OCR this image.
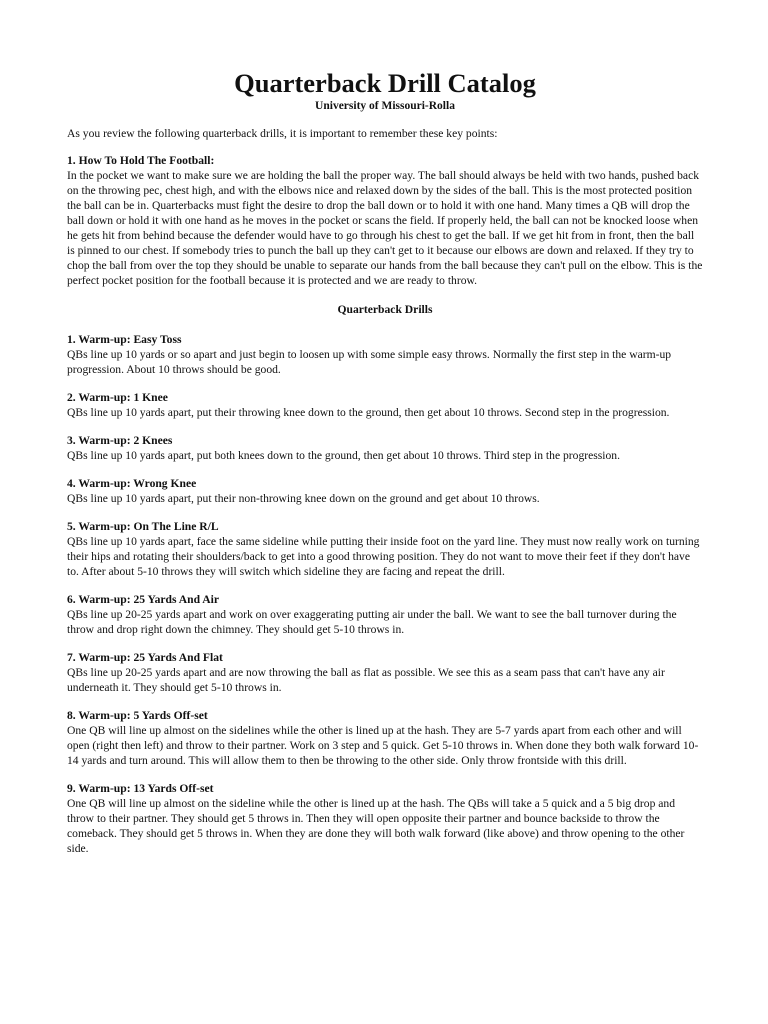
Quarterback Drill Catalog
University of Missouri-Rolla

As you review the following quarterback drills, it is important to remember these key points:

1. How To Hold The Football:
In the pocket we want to make sure we are holding the ball the proper way. The ball should always be held with two hands, pushed back on the throwing pec, chest high, and with the elbows nice and relaxed down by the sides of the ball. This is the most protected position the ball can be in. Quarterbacks must fight the desire to drop the ball down or to hold it with one hand. Many times a QB will drop the ball down or hold it with one hand as he moves in the pocket or scans the field. If properly held, the ball can not be knocked loose when he gets hit from behind because the defender would have to go through his chest to get the ball. If we get hit from in front, then the ball is pinned to our chest. If somebody tries to punch the ball up they can't get to it because our elbows are down and relaxed. If they try to chop the ball from over the top they should be unable to separate our hands from the ball because they can't pull on the elbow. This is the perfect pocket position for the football because it is protected and we are ready to throw.
Quarterback Drills
1. Warm-up: Easy Toss
QBs line up 10 yards or so apart and just begin to loosen up with some simple easy throws. Normally the first step in the warm-up progression. About 10 throws should be good.
2. Warm-up: 1 Knee
QBs line up 10 yards apart, put their throwing knee down to the ground, then get about 10 throws. Second step in the progression.
3. Warm-up: 2 Knees
QBs line up 10 yards apart, put both knees down to the ground, then get about 10 throws. Third step in the progression.
4. Warm-up: Wrong Knee
QBs line up 10 yards apart, put their non-throwing knee down on the ground and get about 10 throws.
5. Warm-up: On The Line R/L
QBs line up 10 yards apart, face the same sideline while putting their inside foot on the yard line. They must now really work on turning their hips and rotating their shoulders/back to get into a good throwing position. They do not want to move their feet if they don't have to. After about 5-10 throws they will switch which sideline they are facing and repeat the drill.
6. Warm-up: 25 Yards And Air
QBs line up 20-25 yards apart and work on over exaggerating putting air under the ball. We want to see the ball turnover during the throw and drop right down the chimney. They should get 5-10 throws in.
7. Warm-up: 25 Yards And Flat
QBs line up 20-25 yards apart and are now throwing the ball as flat as possible. We see this as a seam pass that can't have any air underneath it. They should get 5-10 throws in.
8. Warm-up: 5 Yards Off-set
One QB will line up almost on the sidelines while the other is lined up at the hash. They are 5-7 yards apart from each other and will open (right then left) and throw to their partner. Work on 3 step and 5 quick. Get 5-10 throws in. When done they both walk forward 10-14 yards and turn around. This will allow them to then be throwing to the other side. Only throw frontside with this drill.
9. Warm-up: 13 Yards Off-set
One QB will line up almost on the sideline while the other is lined up at the hash. The QBs will take a 5 quick and a 5 big drop and throw to their partner. They should get 5 throws in. Then they will open opposite their partner and bounce backside to throw the comeback. They should get 5 throws in. When they are done they will both walk forward (like above) and throw opening to the other side.
